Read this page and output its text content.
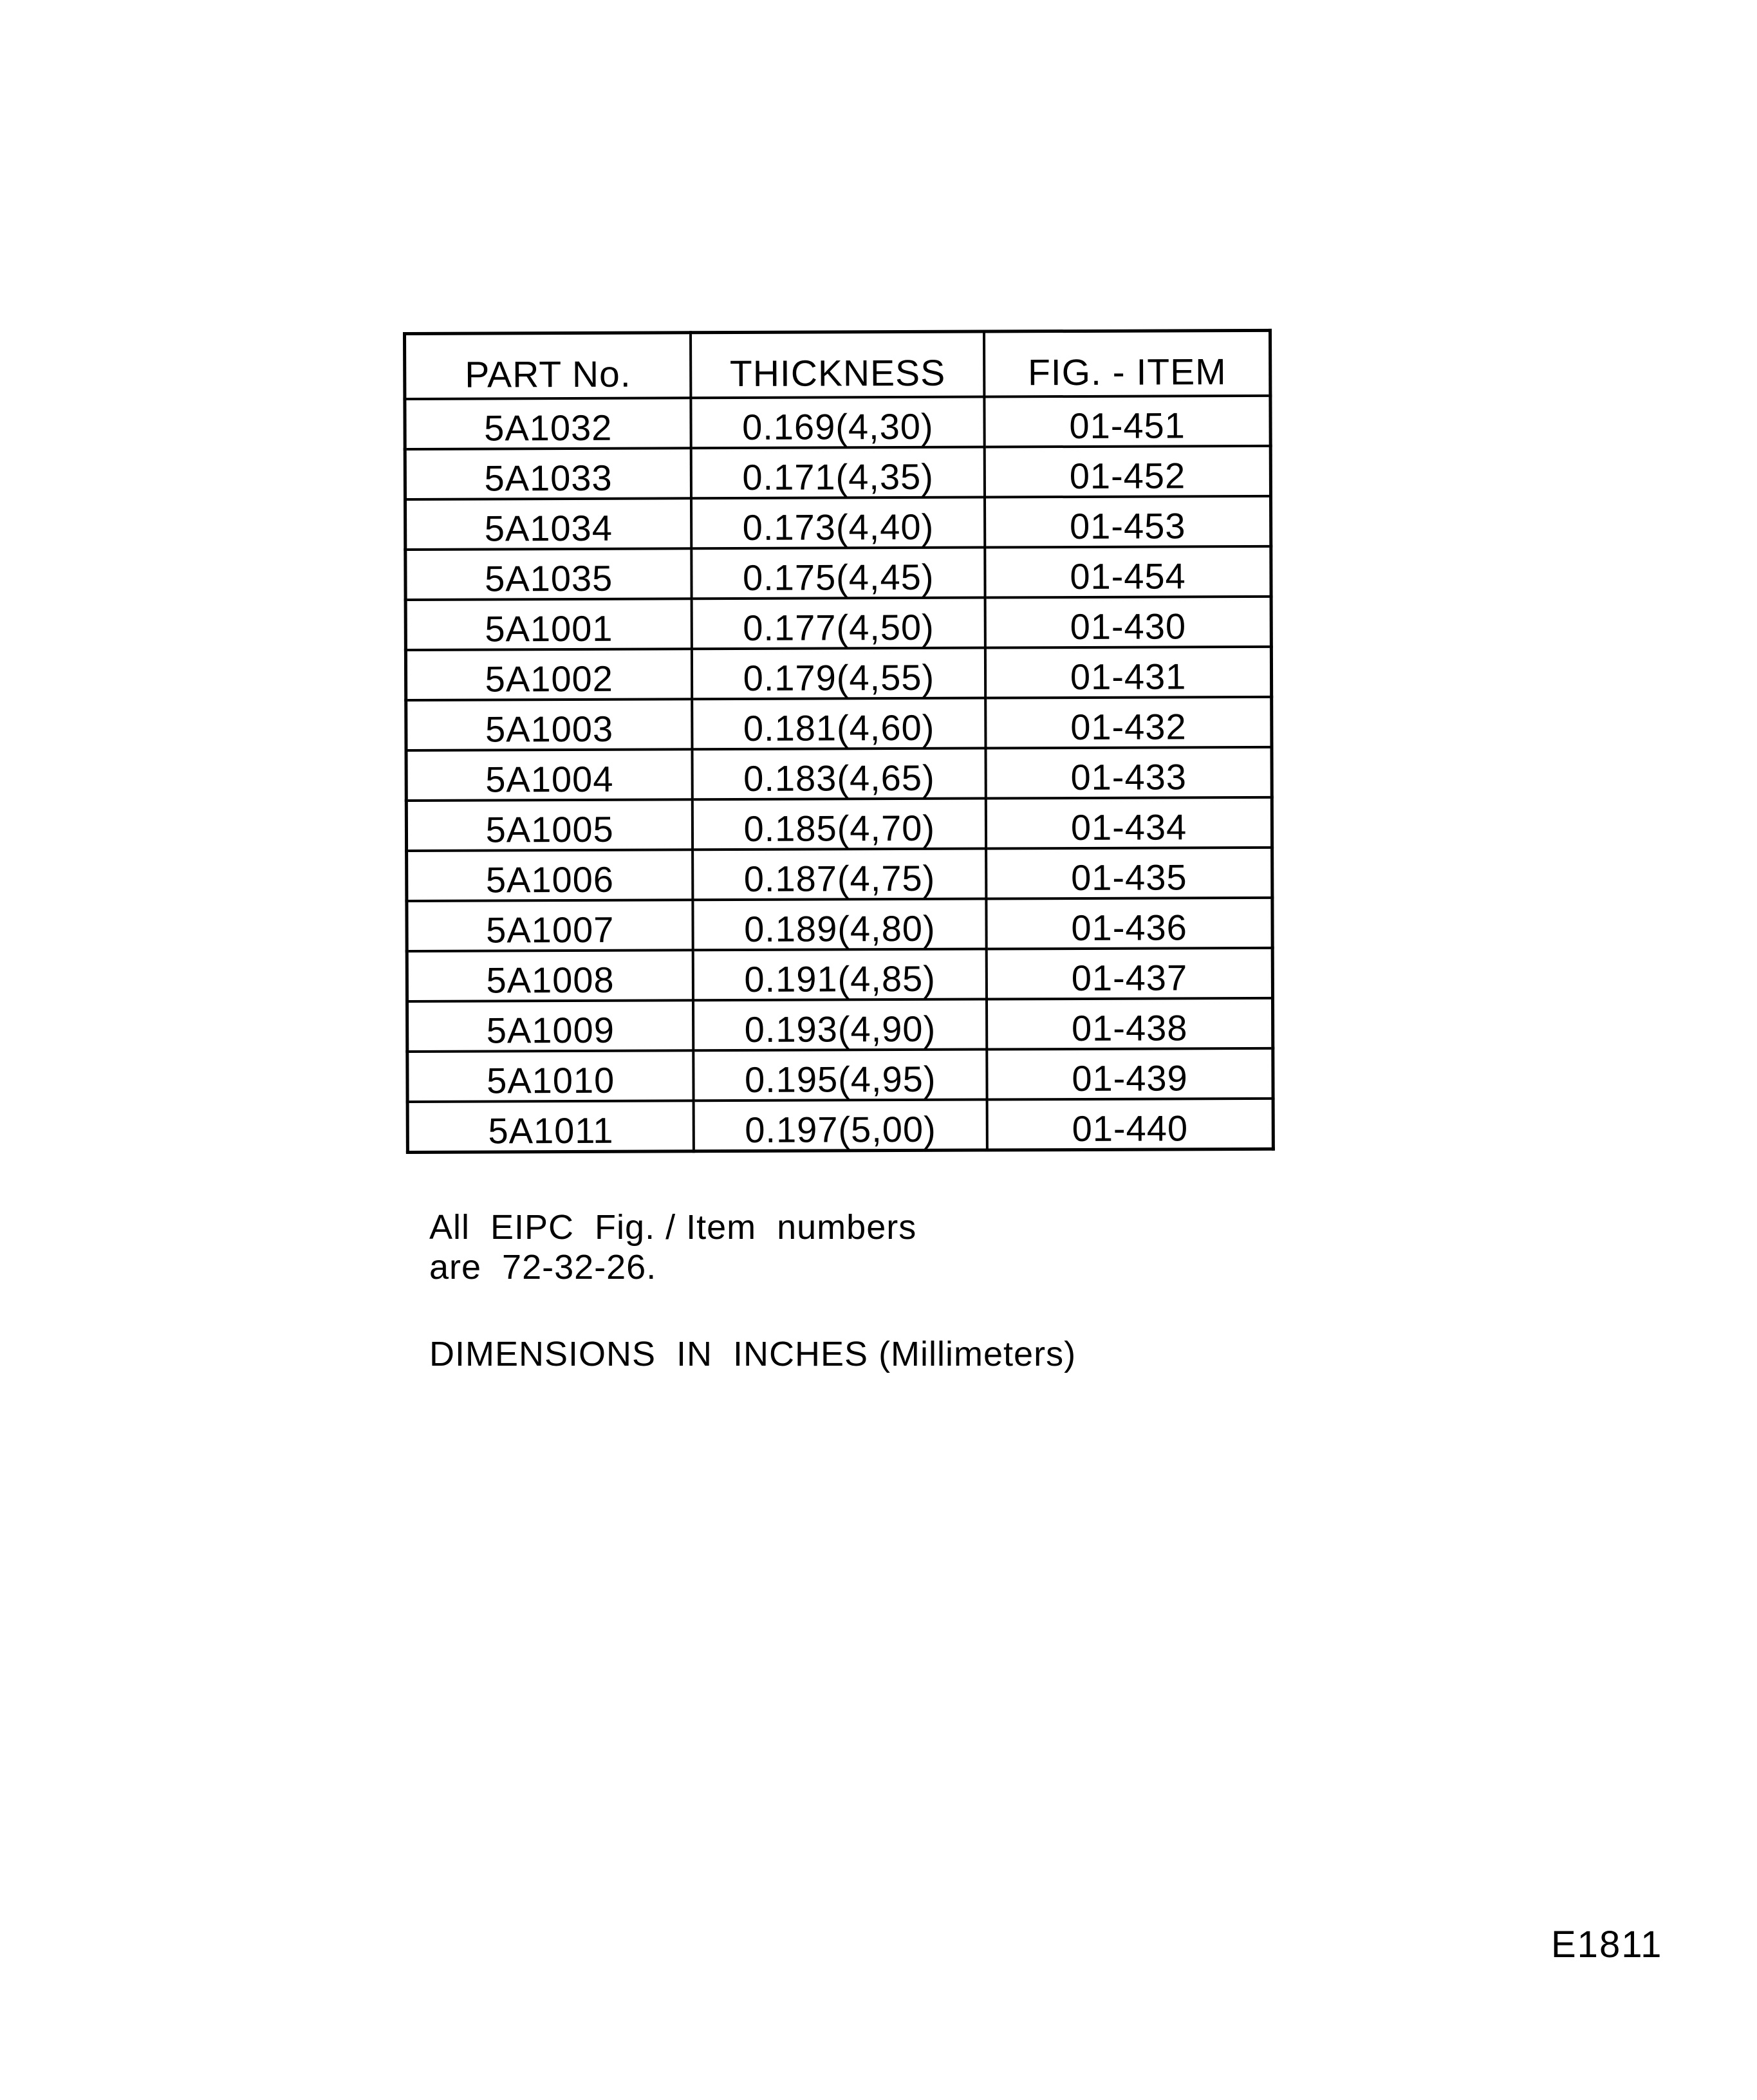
PART No.	THICKNESS	FIG. - ITEM
5A1032	0.169(4,30)	01-451
5A1033	0.171(4,35)	01-452
5A1034	0.173(4,40)	01-453
5A1035	0.175(4,45)	01-454
5A1001	0.177(4,50)	01-430
5A1002	0.179(4,55)	01-431
5A1003	0.181(4,60)	01-432
5A1004	0.183(4,65)	01-433
5A1005	0.185(4,70)	01-434
5A1006	0.187(4,75)	01-435
5A1007	0.189(4,80)	01-436
5A1008	0.191(4,85)	01-437
5A1009	0.193(4,90)	01-438
5A1010	0.195(4,95)	01-439
5A1011	0.197(5,00)	01-440
All  EIPC  Fig. / Item  numbers
are  72-32-26.
DIMENSIONS  IN  INCHES (Millimeters)
E1811
